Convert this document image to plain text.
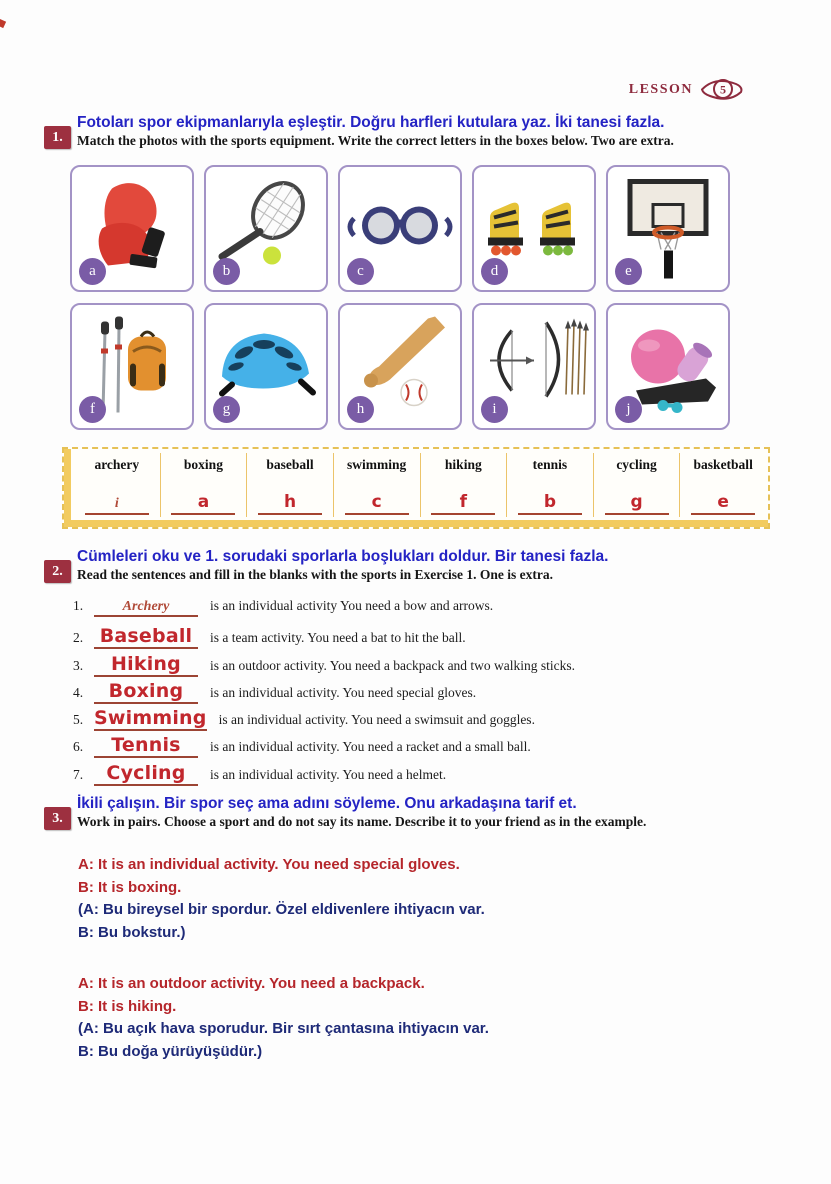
LESSON 5
1.
Fotoları spor ekipmanlarıyla eşleştir. Doğru harfleri kutulara yaz. İki tanesi fazla.
Match the photos with the sports equipment. Write the correct letters in the boxes below. Two are extra.
a	b	c	d	e
f	g	h	i	j
archery
i
boxing
a
baseball
h
swimming
c
hiking
f
tennis
b
cycling
g
basketball
e
2.
Cümleleri oku ve 1. sorudaki sporlarla boşlukları doldur. Bir tanesi fazla.
Read the sentences and fill in the blanks with the sports in Exercise 1. One is extra.
1.	Archery	is an individual activity You need a bow and arrows.
2. Baseball	is a team activity. You need a bat to hit the ball.
3.	Hiking	is an outdoor activity. You need a backpack and two walking sticks.
4.	Boxing	is an individual activity. You need special gloves.
5. Swimming is an individual activity. You need a swimsuit and goggles.
6.	Tennis	is an individual activity. You need a racket and a small ball.
7.	Cycling	is an individual activity. You need a helmet.
3.
İkili çalışın. Bir spor seç ama adını söyleme. Onu arkadaşına tarif et.
Work in pairs. Choose a sport and do not say its name. Describe it to your friend as in the example.
A: It is an individual activity. You need special gloves.
B: It is boxing.
(A: Bu bireysel bir spordur. Özel eldivenlere ihtiyacın var.
B: Bu bokstur.)
A: It is an outdoor activity. You need a backpack.
B: It is hiking.
(A: Bu açık hava sporudur. Bir sırt çantasına ihtiyacın var.
B: Bu doğa yürüyüşüdür.)
